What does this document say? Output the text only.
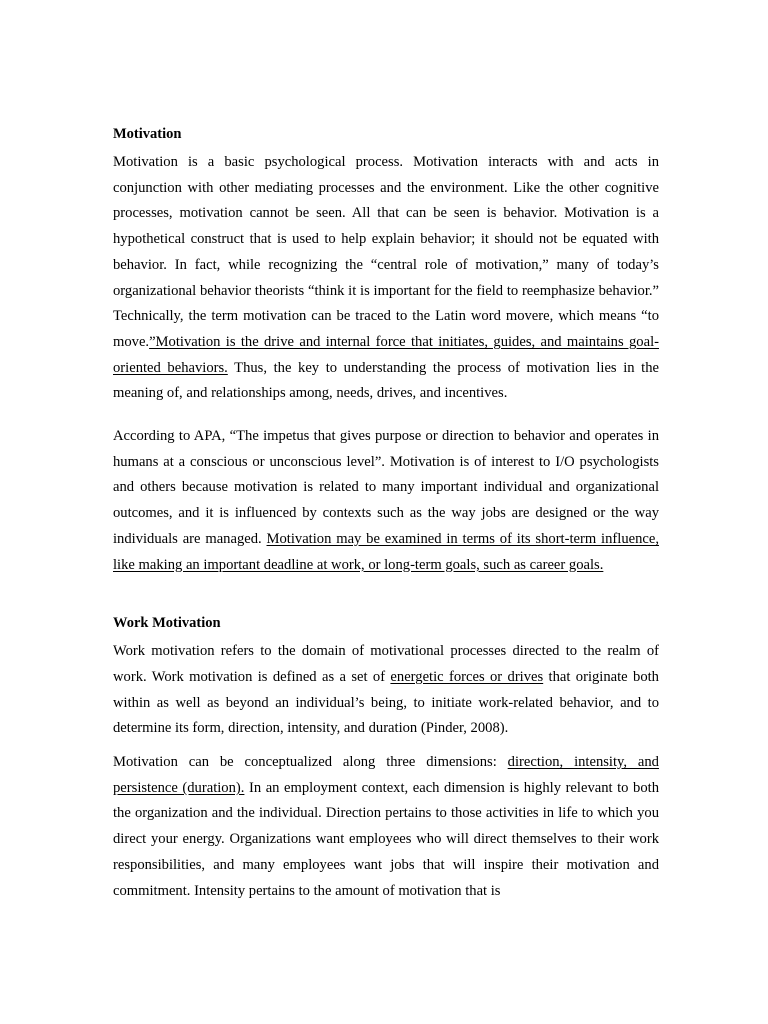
Motivation

Motivation is a basic psychological process. Motivation interacts with and acts in conjunction with other mediating processes and the environment. Like the other cognitive processes, motivation cannot be seen. All that can be seen is behavior. Motivation is a hypothetical construct that is used to help explain behavior; it should not be equated with behavior. In fact, while recognizing the “central role of motivation,” many of today’s organizational behavior theorists “think it is important for the field to reemphasize behavior.” Technically, the term motivation can be traced to the Latin word movere, which means “to move.”Motivation is the drive and internal force that initiates, guides, and maintains goal-oriented behaviors. Thus, the key to understanding the process of motivation lies in the meaning of, and relationships among, needs, drives, and incentives.

According to APA, “The impetus that gives purpose or direction to behavior and operates in humans at a conscious or unconscious level”. Motivation is of interest to I/O psychologists and others because motivation is related to many important individual and organizational outcomes, and it is influenced by contexts such as the way jobs are designed or the way individuals are managed. Motivation may be examined in terms of its short-term influence, like making an important deadline at work, or long-term goals, such as career goals.

Work Motivation

Work motivation refers to the domain of motivational processes directed to the realm of work. Work motivation is defined as a set of energetic forces or drives that originate both within as well as beyond an individual’s being, to initiate work-related behavior, and to determine its form, direction, intensity, and duration (Pinder, 2008).

Motivation can be conceptualized along three dimensions: direction, intensity, and persistence (duration). In an employment context, each dimension is highly relevant to both the organization and the individual. Direction pertains to those activities in life to which you direct your energy. Organizations want employees who will direct themselves to their work responsibilities, and many employees want jobs that will inspire their motivation and commitment. Intensity pertains to the amount of motivation that is
